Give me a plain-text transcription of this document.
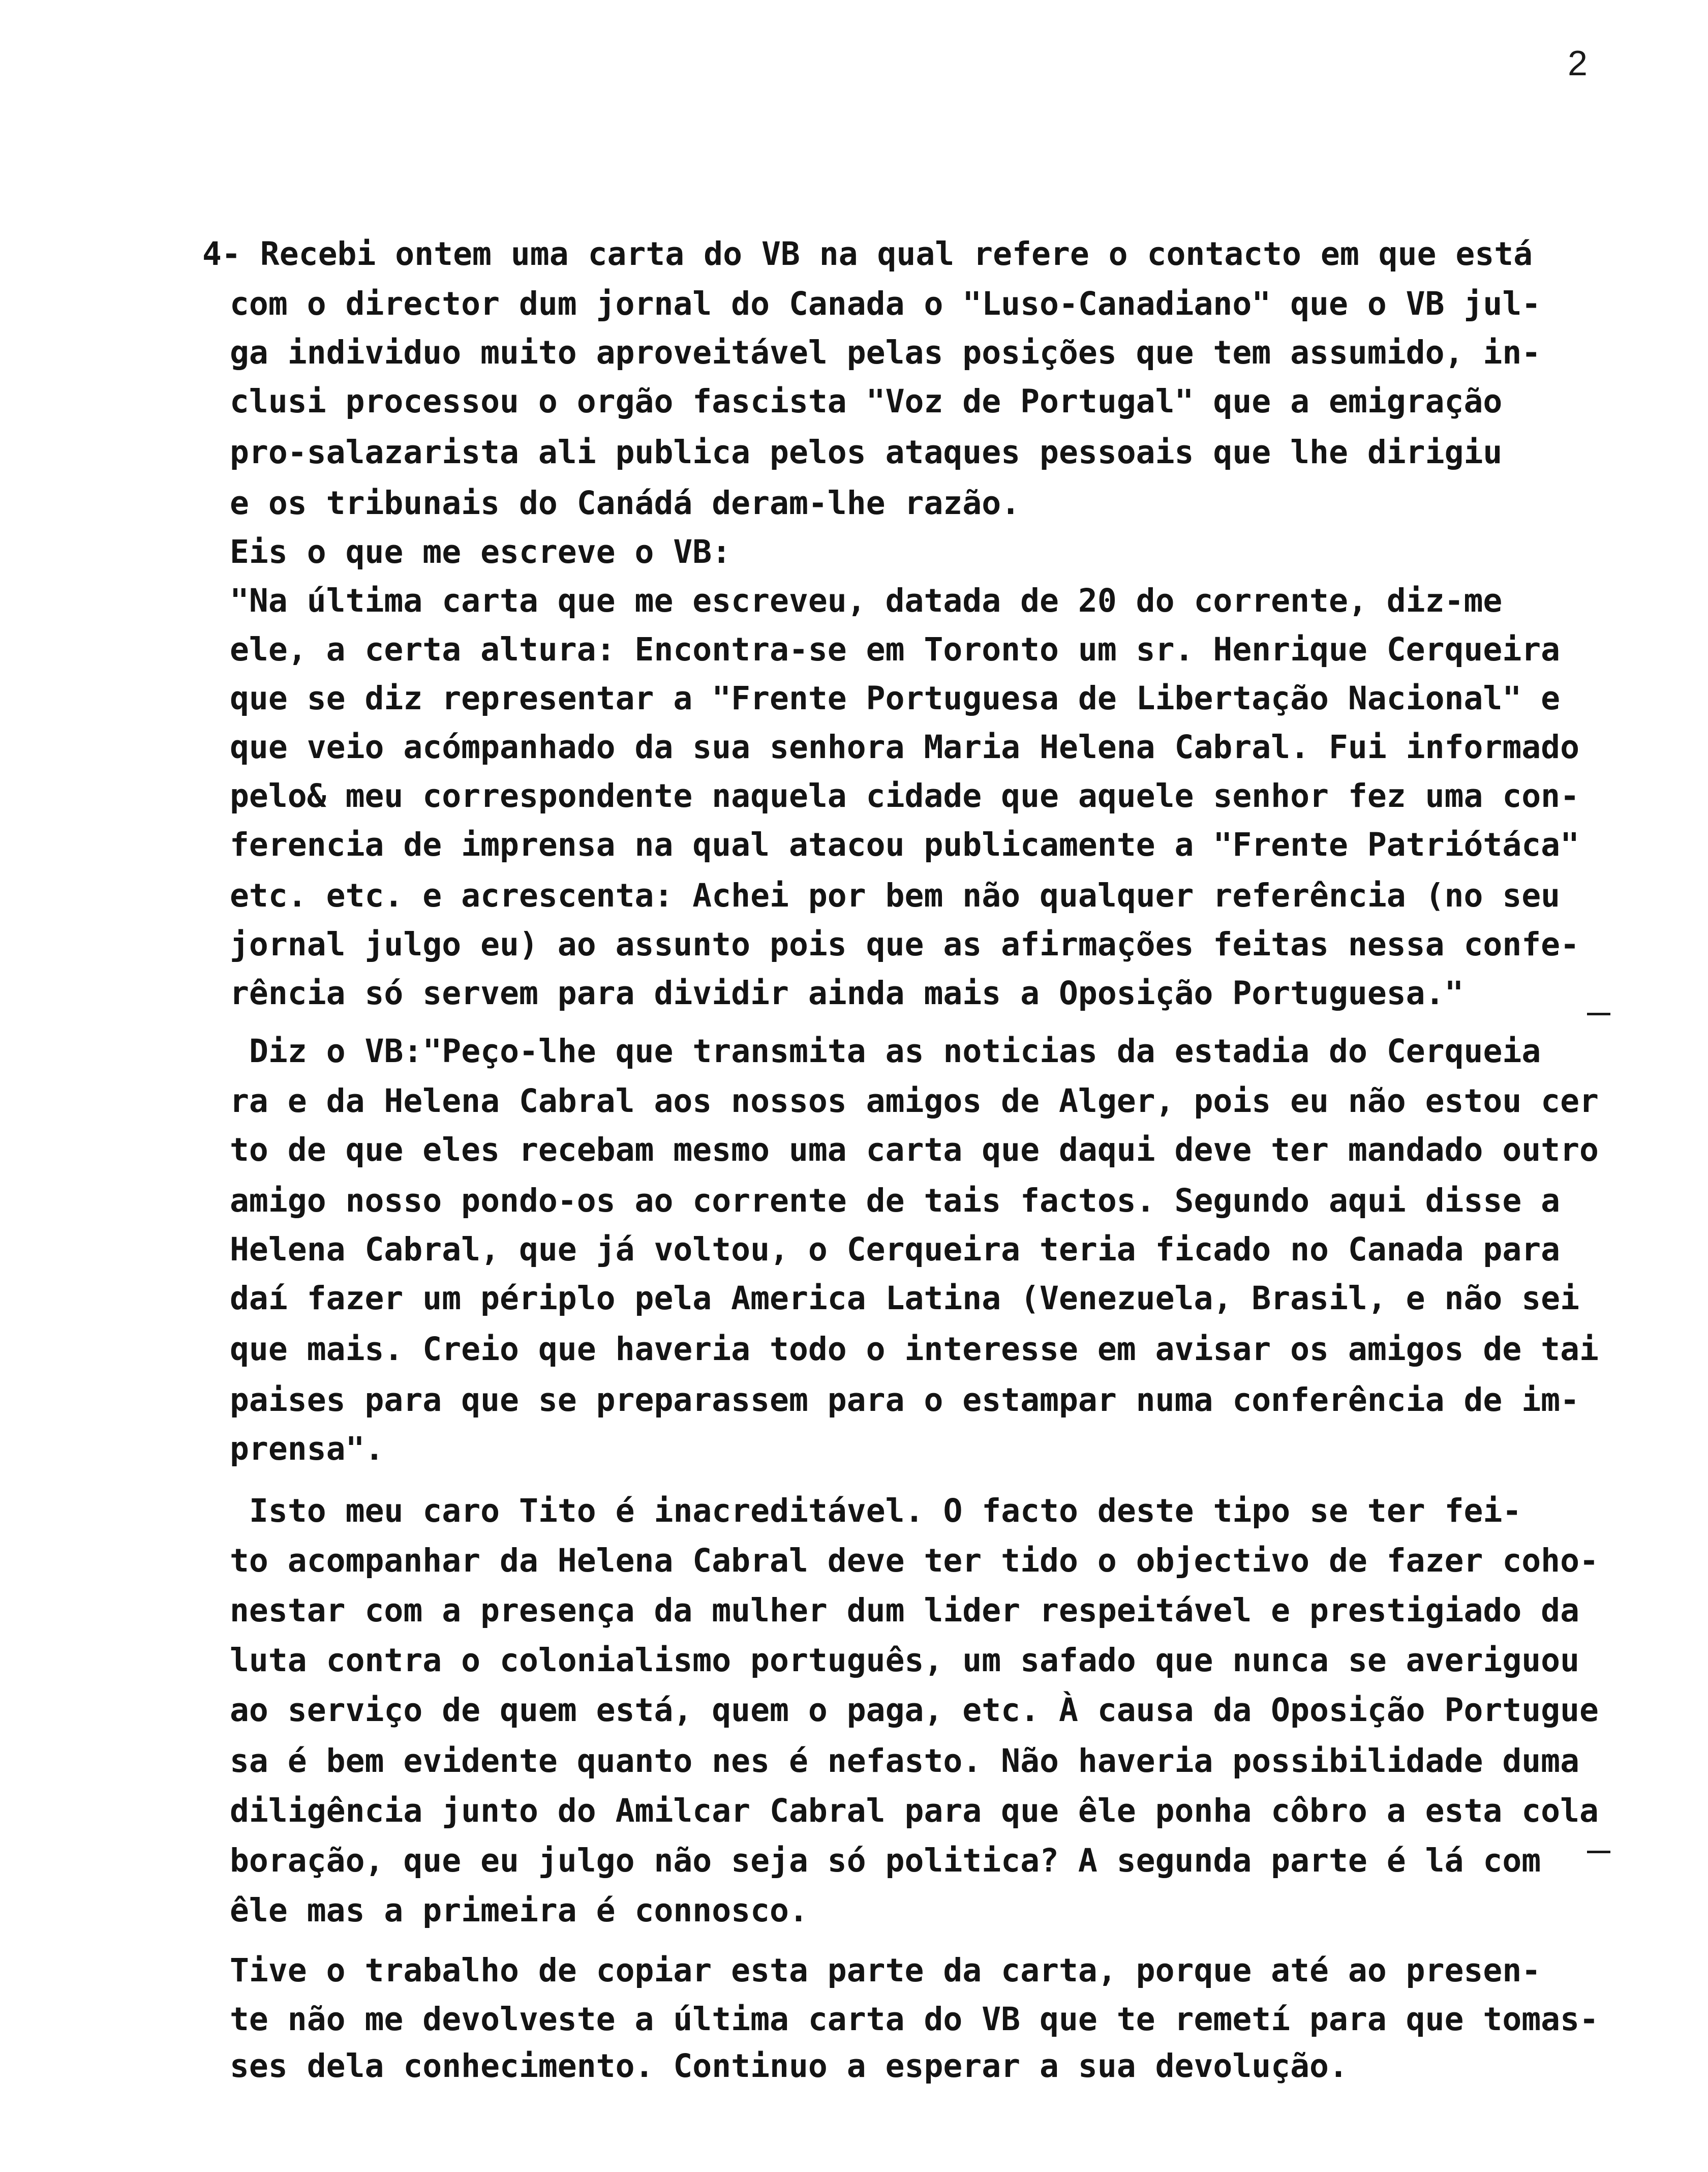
2
4- Recebi ontem uma carta do VB na qual refere o contacto em que está
com o director dum jornal do Canada o "Luso-Canadiano" que o VB jul-
ga individuo muito aproveitável pelas posições que tem assumido, in-
clusi processou o orgão fascista "Voz de Portugal" que a emigração
pro-salazarista ali publica pelos ataques pessoais que lhe dirigiu
e os tribunais do Canádá deram-lhe razão.
Eis o que me escreve o VB:
"Na última carta que me escreveu, datada de 20 do corrente, diz-me
ele, a certa altura: Encontra-se em Toronto um sr. Henrique Cerqueira
que se diz representar a "Frente Portuguesa de Libertação Nacional" e
que veio acómpanhado da sua senhora Maria Helena Cabral. Fui informado
pelo& meu correspondente naquela cidade que aquele senhor fez uma con-
ferencia de imprensa na qual atacou publicamente a "Frente Patriótáca"
etc. etc. e acrescenta: Achei por bem não qualquer referência (no seu
jornal julgo eu) ao assunto pois que as afirmações feitas nessa confe-
rência só servem para dividir ainda mais a Oposição Portuguesa."
Diz o VB:"Peço-lhe que transmita as noticias da estadia do Cerqueia
ra e da Helena Cabral aos nossos amigos de Alger, pois eu não estou cer
to de que eles recebam mesmo uma carta que daqui deve ter mandado outro
amigo nosso pondo-os ao corrente de tais factos. Segundo aqui disse a
Helena Cabral, que já voltou, o Cerqueira teria ficado no Canada para
daí fazer um périplo pela America Latina (Venezuela, Brasil, e não sei
que mais. Creio que haveria todo o interesse em avisar os amigos de tai
paises para que se preparassem para o estampar numa conferência de im-
prensa".
Isto meu caro Tito é inacreditável. O facto deste tipo se ter fei-
to acompanhar da Helena Cabral deve ter tido o objectivo de fazer coho-
nestar com a presença da mulher dum lider respeitável e prestigiado da
luta contra o colonialismo português, um safado que nunca se averiguou
ao serviço de quem está, quem o paga, etc. À causa da Oposição Portugue
sa é bem evidente quanto nes é nefasto. Não haveria possibilidade duma
diligência junto do Amilcar Cabral para que êle ponha côbro a esta cola
boração, que eu julgo não seja só politica? A segunda parte é lá com
êle mas a primeira é connosco.
Tive o trabalho de copiar esta parte da carta, porque até ao presen-
te não me devolveste a última carta do VB que te remetí para que tomas-
ses dela conhecimento. Continuo a esperar a sua devolução.
